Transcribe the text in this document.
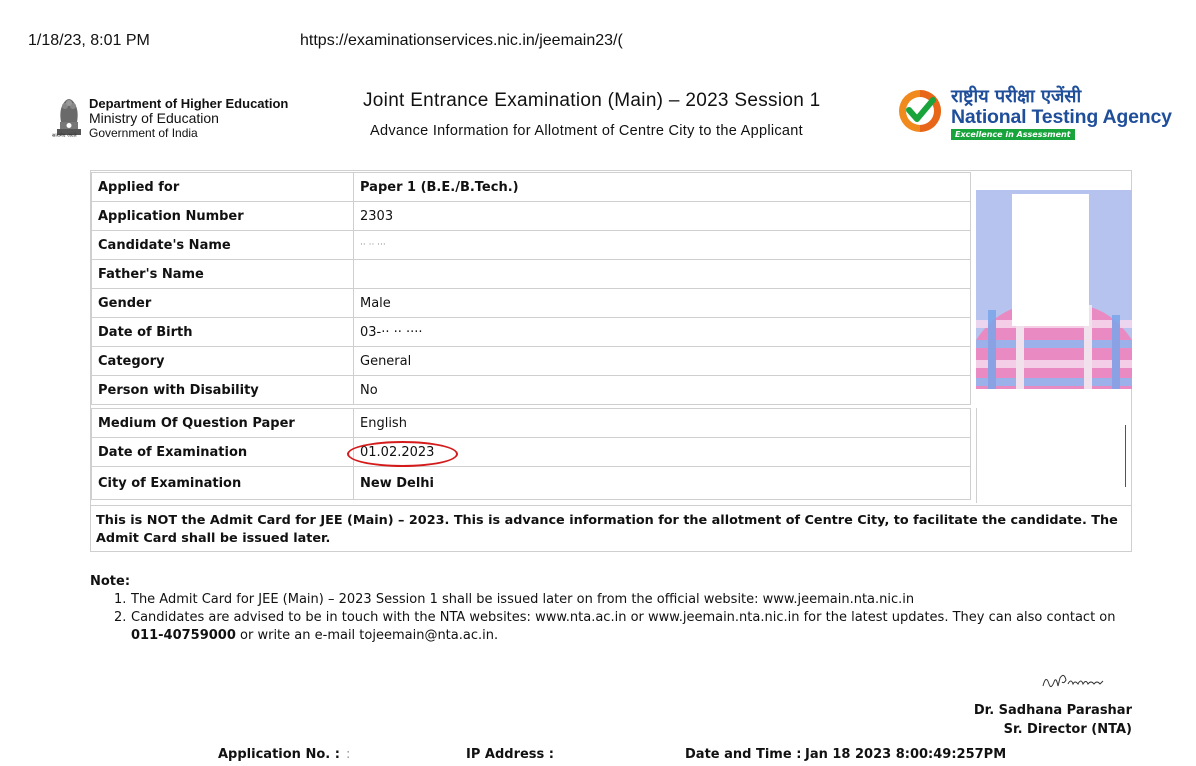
1/18/23, 8:01 PM	https://examinationservices.nic.in/jeemain23/(
सत्यमेव जयते
Department of Higher Education
Ministry of Education
Government of India
Joint Entrance Examination (Main) – 2023 Session 1
Advance Information for Allotment of Centre City to the Applicant
राष्ट्रीय परीक्षा एजेंसी
National Testing Agency
Excellence in Assessment
Applied for	Paper 1 (B.E./B.Tech.)
Application Number	2303
Candidate's Name	·· ·· ···
Father's Name	
Gender	Male
Date of Birth	03-·· ·· ····
Category	General
Person with Disability	No
Medium Of Question Paper	English
Date of Examination	01.02.2023
City of Examination	New Delhi
This is NOT the Admit Card for JEE (Main) – 2023. This is advance information for the allotment of Centre City, to facilitate the candidate. The Admit Card shall be issued later.
Note:
1. The Admit Card for JEE (Main) – 2023 Session 1 shall be issued later on from the official website: www.jeemain.nta.nic.in
2. Candidates are advised to be in touch with the NTA websites: www.nta.ac.in or www.jeemain.nta.nic.in for the latest updates. They can also contact on 011-40759000 or write an e-mail tojeemain@nta.ac.in.
Dr. Sadhana Parashar
Sr. Director (NTA)
Application No. : :	IP Address :	Date and Time : Jan 18 2023 8:00:49:257PM
